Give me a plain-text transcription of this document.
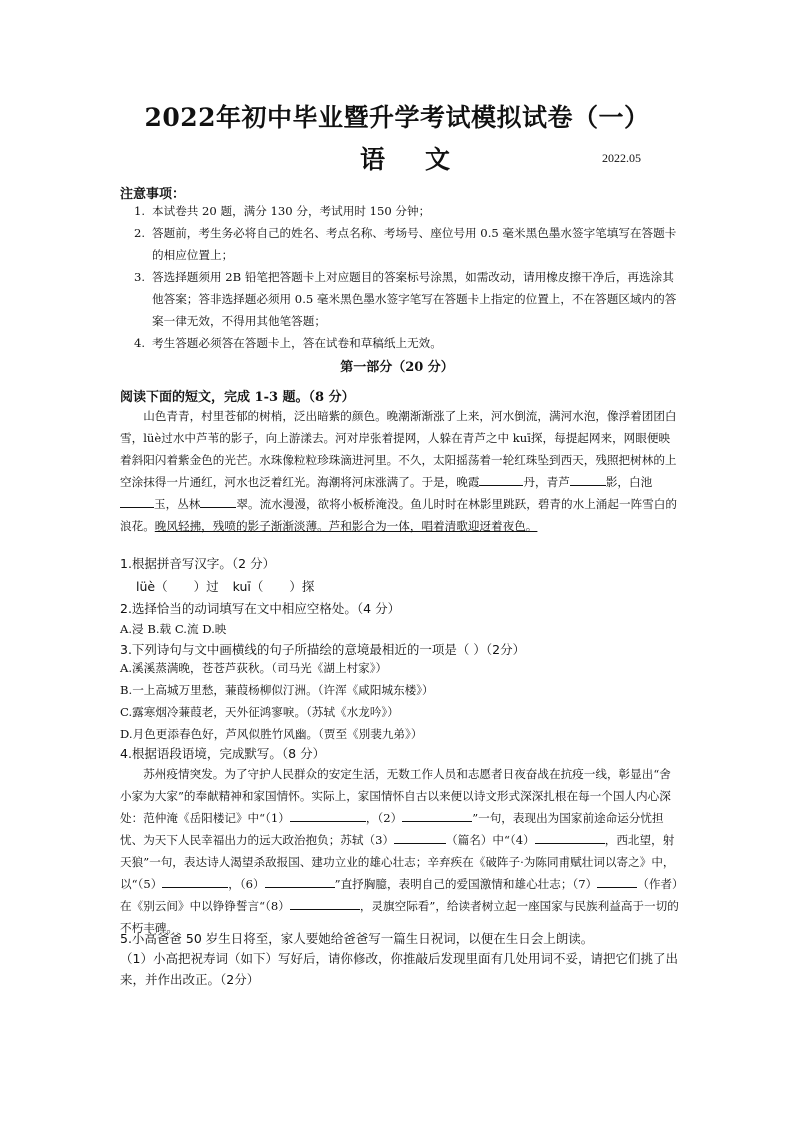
2022年初中毕业暨升学考试模拟试卷（一）
语文	2022.05
注意事项：
1. 本试卷共 20 题，满分 130 分，考试用时 150 分钟；
2. 答题前，考生务必将自己的姓名、考点名称、考场号、座位号用 0.5 毫米黑色墨水签字笔填写在答题卡的相应位置上；
3. 答选择题须用 2B 铅笔把答题卡上对应题目的答案标号涂黑，如需改动，请用橡皮擦干净后，再选涂其他答案；答非选择题必须用 0.5 毫米黑色墨水签字笔写在答题卡上指定的位置上，不在答题区域内的答案一律无效，不得用其他笔答题；
4. 考生答题必须答在答题卡上，答在试卷和草稿纸上无效。
第一部分（20 分）
阅读下面的短文，完成 1-3 题。（8 分）

山色青青，村里苍郁的树梢，泛出暗紫的颜色。晚潮渐渐涨了上来，河水倒流，满河水泡，像浮着团团白雪，lüè过水中芦苇的影子，向上游漾去。河对岸张着提网，人躲在青芦之中 kuī探，每提起网来，网眼便映着斜阳闪着紫金色的光芒。水珠像粒粒珍珠滴进河里。不久，太阳摇荡着一轮红珠坠到西天，残照把树林的上空涂抹得一片通红，河水也泛着红光。海潮将河床涨满了。于是，晚霞	丹，青芦	影，白池玉，丛林	翠。流水漫漫，欲将小板桥淹没。鱼儿时时在林影里跳跃，碧青的水上涌起一阵雪白的浪花。晚风轻拂，残喷的影子渐渐淡薄。芦和影合为一体，唱着清歌迎迓着夜色。

1.根据拼音写汉字。（2 分）
lüè（ ）过 kuī（ ）探
2.选择恰当的动词填写在文中相应空格处。（4 分）
A.浸 B.载 C.流 D.映
3.下列诗句与文中画横线的句子所描绘的意境最相近的一项是（ ）（2分）
A.溪溪蒸满晚，苍苍芦荻秋。（司马光《湖上村家》）
B.一上高城万里愁，蒹葭杨柳似汀洲。（许浑《咸阳城东楼》）
C.露寒烟冷蒹葭老，天外征鸿寥唳。（苏轼《水龙吟》）
D.月色更添春色好，芦风似胜竹风幽。（贾至《別裴九弟》）
4.根据语段语境，完成默写。（8 分）

苏州疫情突发。为了守护人民群众的安定生活，无数工作人员和志愿者日夜奋战在抗疫一线，彰显出“舍小家为大家”的奉献精神和家国情怀。实际上，家国情怀自古以来便以诗文形式深深扎根在每一个国人内心深处：范仲淹《岳阳楼记》中“（1）	，（2）	”一句，表现出为国家前途命运分忧担忧、为天下人民幸福出力的远大政治抱负；苏轼（3）	（篇名）中“（4）	，西北望，射天狼”一句，表达诗人渴望杀敌报国、建功立业的雄心壮志；辛弃疾在《破阵子·为陈同甫赋壮词以寄之》中，以“（5）	，（6）	”直抒胸臆，表明自己的爱国激情和雄心壮志；（7）	（作者）在《别云间》中以铮铮誓言“（8）	，灵旗空际看”，给读者树立起一座国家与民族利益高于一切的不朽丰碑。

5.小高爸爸 50 岁生日将至，家人要她给爸爸写一篇生日祝词，以便在生日会上朗读。
（1）小高把祝寿词（如下）写好后，请你修改，你推敲后发现里面有几处用词不妥，请把它们挑了出来，并作出改正。（2分）
